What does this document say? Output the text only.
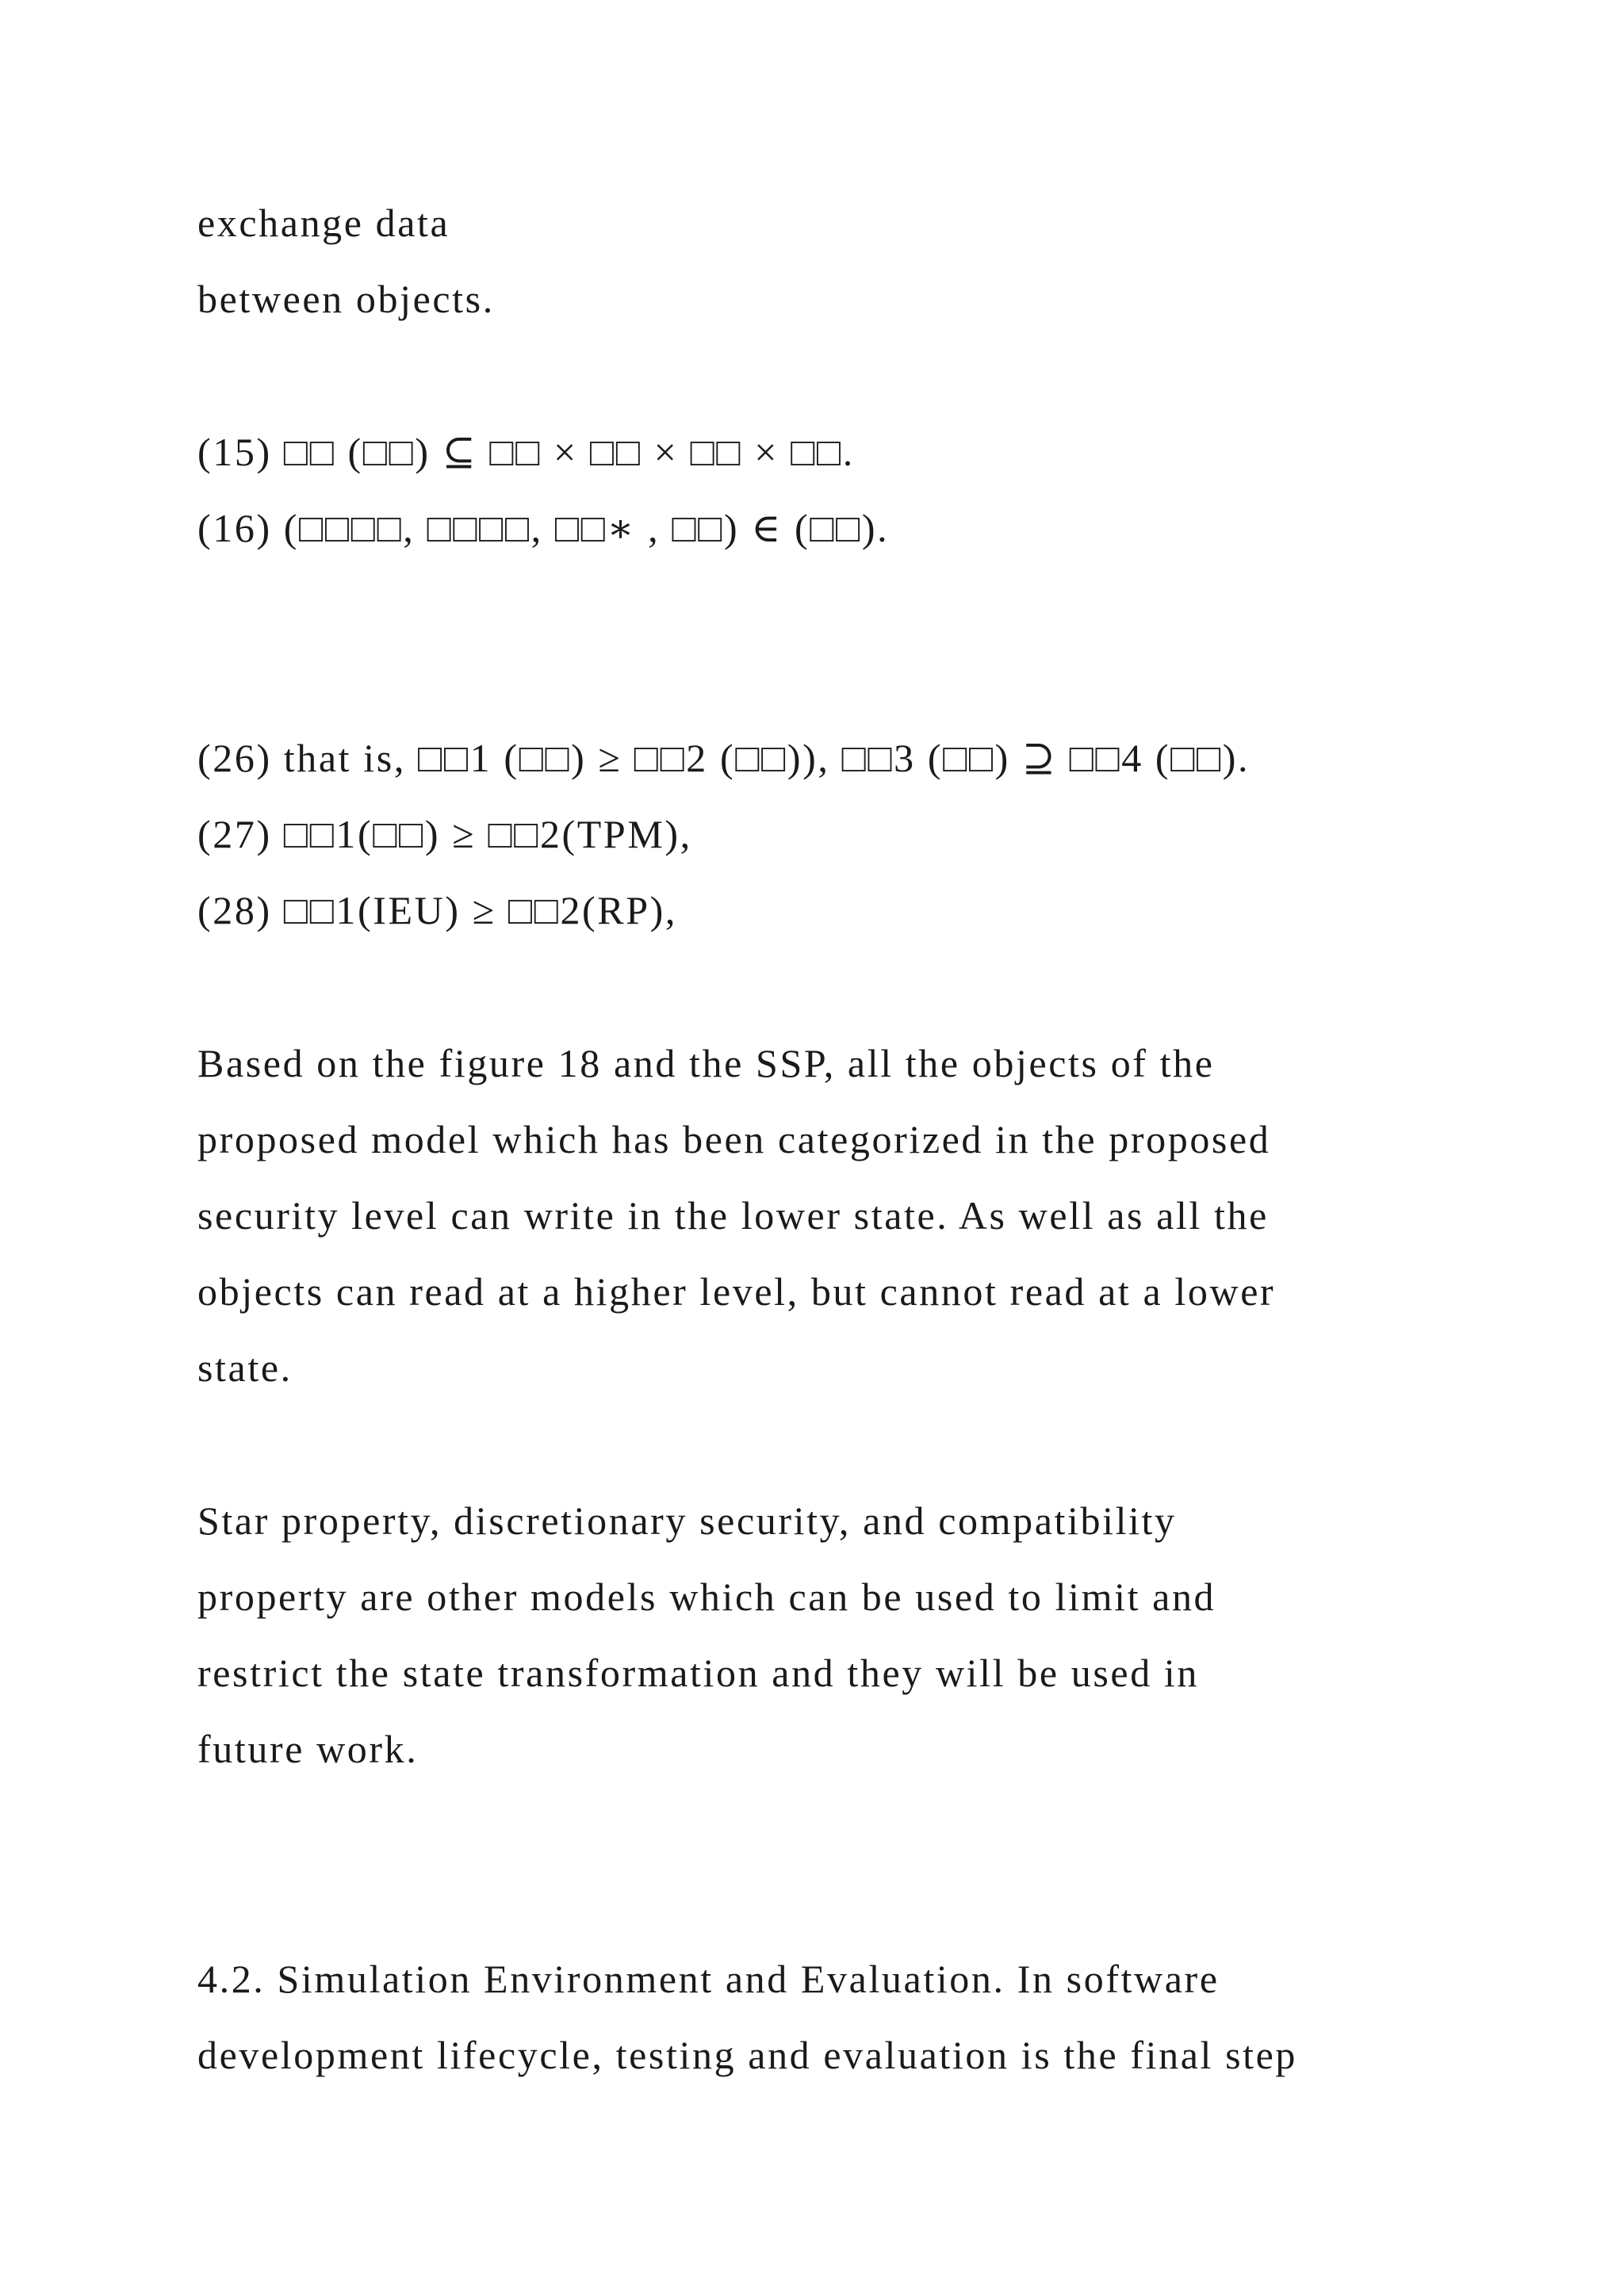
exchange data

between objects.

(15) □□ (□□) ⊆ □□ × □□ × □□ × □□.

(16) (□□□□, □□□□, □□∗ , □□) ∈ (□□).

(26) that is, □□1 (□□) ≥ □□2 (□□)), □□3 (□□) ⊇ □□4 (□□).

(27) □□1(□□) ≥ □□2(TPM),

(28) □□1(IEU) ≥ □□2(RP),

Based on the figure 18 and the SSP, all the objects of the

proposed model which has been categorized in the proposed

security level can write in the lower state. As well as all the

objects can read at a higher level, but cannot read at a lower

state.

Star property, discretionary security, and compatibility

property are other models which can be used to limit and

restrict the state transformation and they will be used in

future work.

4.2. Simulation Environment and Evaluation. In software

development lifecycle, testing and evaluation is the final step
